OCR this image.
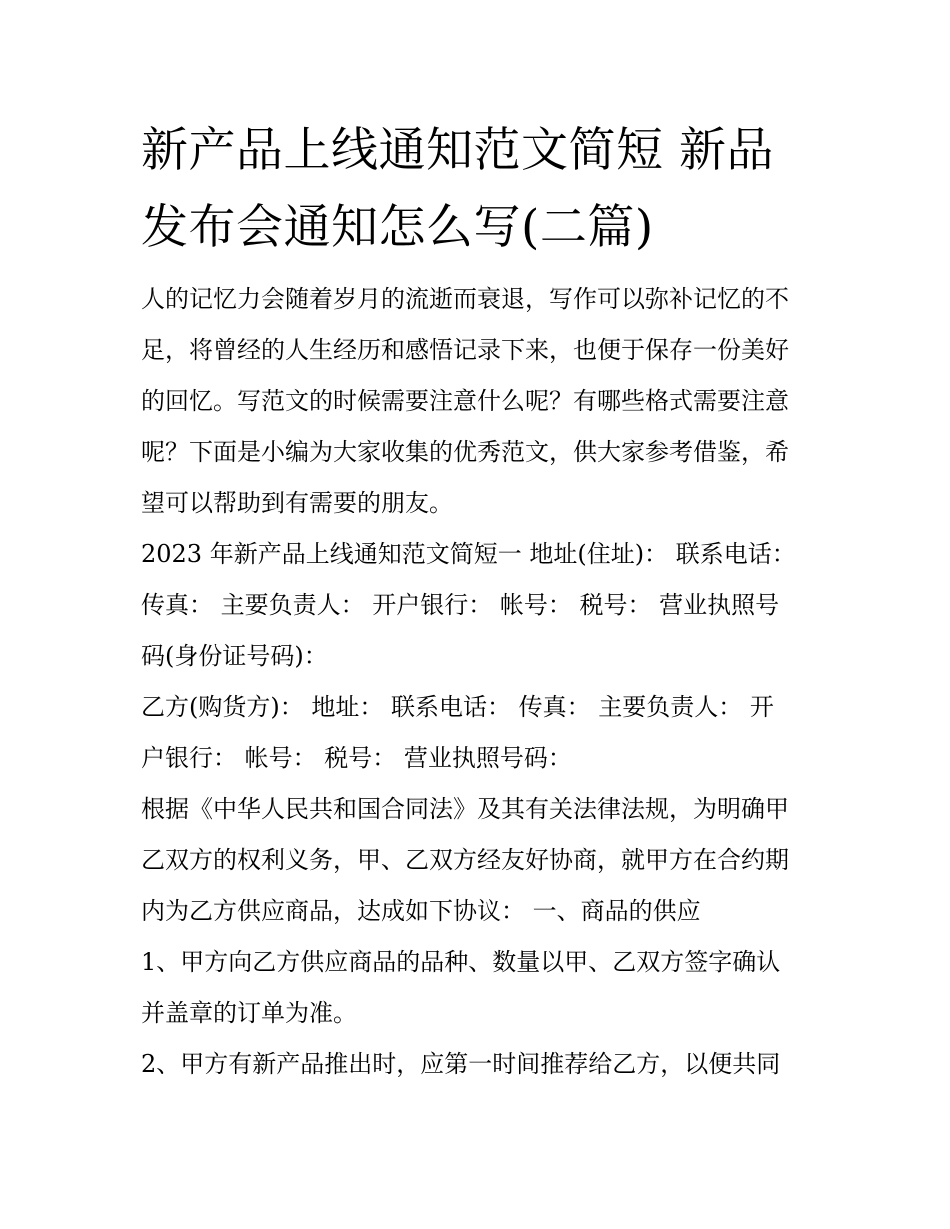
新产品上线通知范文简短 新品
发布会通知怎么写(二篇)

人的记忆力会随着岁月的流逝而衰退，写作可以弥补记忆的不
足，将曾经的人生经历和感悟记录下来，也便于保存一份美好
的回忆。写范文的时候需要注意什么呢？有哪些格式需要注意
呢？下面是小编为大家收集的优秀范文，供大家参考借鉴，希
望可以帮助到有需要的朋友。

2023 年新产品上线通知范文简短一 地址(住址)： 联系电话：
传真： 主要负责人： 开户银行： 帐号： 税号： 营业执照号
码(身份证号码)：

乙方(购货方)： 地址： 联系电话： 传真： 主要负责人： 开
户银行： 帐号： 税号： 营业执照号码：

根据《中华人民共和国合同法》及其有关法律法规，为明确甲
乙双方的权利义务，甲、乙双方经友好协商，就甲方在合约期
内为乙方供应商品，达成如下协议： 一、商品的供应

1、甲方向乙方供应商品的品种、数量以甲、乙双方签字确认
并盖章的订单为准。

2、甲方有新产品推出时，应第一时间推荐给乙方，以便共同
